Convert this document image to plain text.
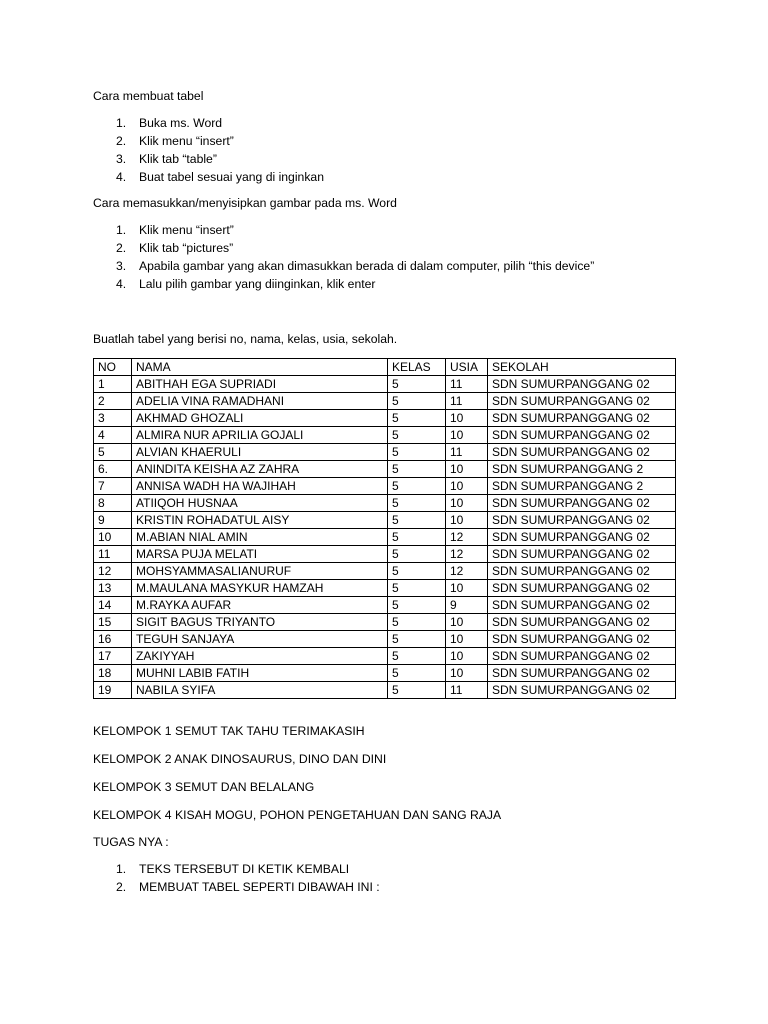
Cara membuat tabel

1. Buka ms. Word
2. Klik menu “insert”
3. Klik tab “table”
4. Buat tabel sesuai yang di inginkan

Cara memasukkan/menyisipkan gambar pada ms. Word

1. Klik menu “insert”
2. Klik tab “pictures”
3. Apabila gambar yang akan dimasukkan berada di dalam computer, pilih “this device”
4. Lalu pilih gambar yang diinginkan, klik enter

Buatlah tabel yang berisi no, nama, kelas, usia, sekolah.

NO	NAMA	KELAS	USIA	SEKOLAH
1	ABITHAH EGA SUPRIADI	5	11	SDN SUMURPANGGANG 02
2	ADELIA VINA RAMADHANI	5	11	SDN SUMURPANGGANG 02
3	AKHMAD GHOZALI	5	10	SDN SUMURPANGGANG 02
4	ALMIRA NUR APRILIA GOJALI	5	10	SDN SUMURPANGGANG 02
5	ALVIAN KHAERULI	5	11	SDN SUMURPANGGANG 02
6.	ANINDITA KEISHA AZ ZAHRA	5	10	SDN SUMURPANGGANG 2
7	ANNISA WADH HA WAJIHAH	5	10	SDN SUMURPANGGANG 2
8	ATIIQOH HUSNAA	5	10	SDN SUMURPANGGANG 02
9	KRISTIN ROHADATUL AISY	5	10	SDN SUMURPANGGANG 02
10	M.ABIAN NIAL AMIN	5	12	SDN SUMURPANGGANG 02
11	MARSA PUJA MELATI	5	12	SDN SUMURPANGGANG 02
12	MOHSYAMMASALIANURUF	5	12	SDN SUMURPANGGANG 02
13	M.MAULANA MASYKUR HAMZAH	5	10	SDN SUMURPANGGANG 02
14	M.RAYKA AUFAR	5	9	SDN SUMURPANGGANG 02
15	SIGIT BAGUS TRIYANTO	5	10	SDN SUMURPANGGANG 02
16	TEGUH SANJAYA	5	10	SDN SUMURPANGGANG 02
17	ZAKIYYAH	5	10	SDN SUMURPANGGANG 02
18	MUHNI LABIB FATIH	5	10	SDN SUMURPANGGANG 02
19	NABILA SYIFA	5	11	SDN SUMURPANGGANG 02

KELOMPOK 1 SEMUT TAK TAHU TERIMAKASIH

KELOMPOK 2 ANAK DINOSAURUS, DINO DAN DINI

KELOMPOK 3 SEMUT DAN BELALANG

KELOMPOK 4 KISAH MOGU, POHON PENGETAHUAN DAN SANG RAJA

TUGAS NYA :

1. TEKS TERSEBUT DI KETIK KEMBALI
2. MEMBUAT TABEL SEPERTI DIBAWAH INI :
